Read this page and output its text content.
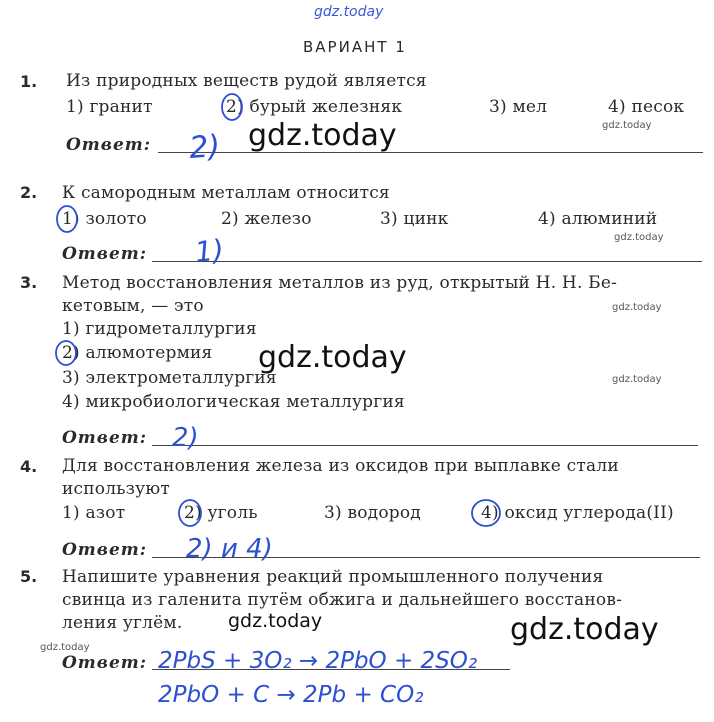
gdz.today
ВАРИАНТ 1
1. Из природных веществ рудой является
1) гранит	2) бурый железняк	3) мел	4) песок
Ответ:	gdz.today	gdz.today
2. К самородным металлам относится
1) золото	2) железо	3) цинк	4) алюминий
Ответ:
gdz.today
3. Метод восстановления металлов из руд, открытый Н. Н. Бе-
кетовым, — это
1) гидрометаллургия
2) алюмотермия
3) электрометаллургия
4) микробиологическая металлургия
Ответ:
gdz.today
gdz.today
gdz.today
4. Для восстановления железа из оксидов при выплавке стали
используют
1) азот	2) уголь	3) водород	4) оксид углерода(II)
Ответ:
5. Напишите уравнения реакций промышленного получения
свинца из галенита путём обжига и дальнейшего восстанов-
ления углём.
Ответ:
gdz.today	gdz.today
gdz.today
2)
1)
2)
2) и 4)
2PbS + 3O₂ → 2PbO + 2SO₂
2PbO + C → 2Pb + CO₂
